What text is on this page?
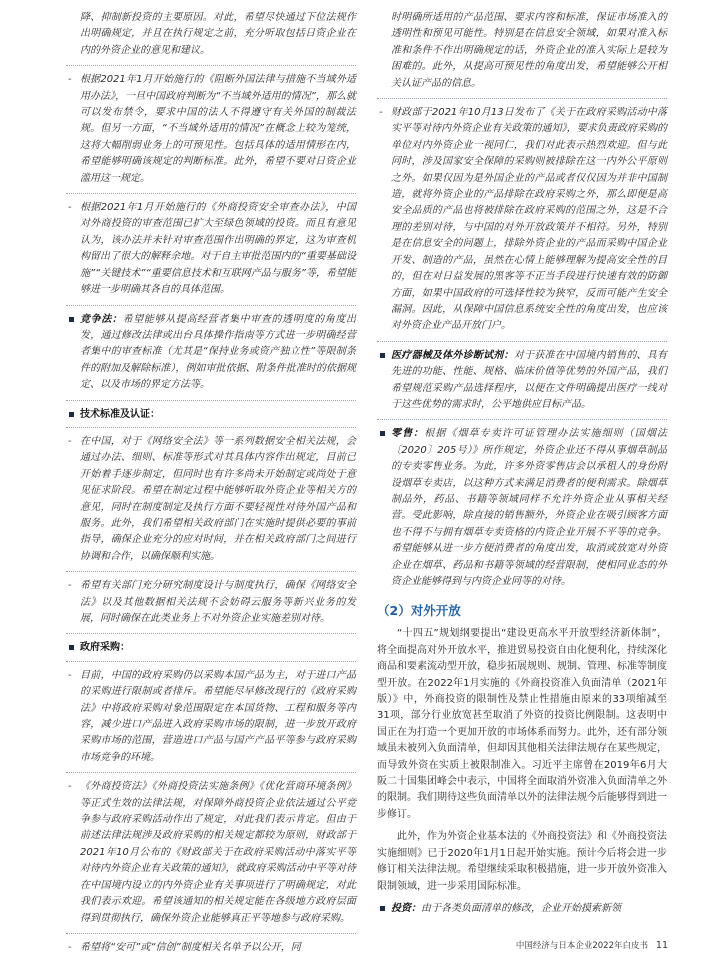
降、抑制新投资的主要原因。对此，希望尽快通过下位法规作出明确规定，并且在执行规定之前，充分听取包括日资企业在内的外资企业的意见和建议。
- 根据2021年1月开始施行的《阻断外国法律与措施不当域外适用办法》，一旦中国政府判断为“不当域外适用的情况”，那么就可以发布禁令，要求中国的法人不得遵守有关外国的制裁法规。但另一方面，“不当域外适用的情况”在概念上较为笼统，这将大幅削弱业务上的可预见性。包括具体的适用情形在内，希望能够明确该规定的判断标准。此外，希望不要对日资企业滥用这一规定。
- 根据2021年1月开始施行的《外商投资安全审查办法》，中国对外商投资的审查范围已扩大至绿色领域的投资。而且有意见认为，该办法并未针对审查范围作出明确的界定，这为审查机构留出了很大的解释余地。对于自主审批范围内的“重要基础设施”“关键技术”“重要信息技术和互联网产品与服务”等，希望能够进一步明确其各自的具体范围。
竞争法：希望能够从提高经营者集中审查的透明度的角度出发，通过修改法律或出台具体操作指南等方式进一步明确经营者集中的审查标准（尤其是“保持业务或资产独立性”等限制条件的附加及解除标准），例如审批依据、附条件批准时的依据规定、以及市场的界定方法等。
技术标准及认证：
- 在中国，对于《网络安全法》等一系列数据安全相关法规，会通过办法、细则、标准等形式对其具体内容作出规定，目前已开始着手逐步制定，但同时也有许多尚未开始制定或尚处于意见征求阶段。希望在制定过程中能够听取外资企业等相关方的意见，同时在制度制定及执行方面不要轻视性对待外国产品和服务。此外，我们希望相关政府部门在实施时提供必要的事前指导，确保企业充分的应对时间，并在相关政府部门之间进行协调和合作，以确保顺利实施。
- 希望有关部门充分研究制度设计与制度执行，确保《网络安全法》以及其他数据相关法规不会妨碍云服务等新兴业务的发展，同时确保在此类业务上不对外资企业实施差别对待。
政府采购：
- 目前，中国的政府采购仍以采购本国产品为主，对于进口产品的采购进行限制或者排斥。希望能尽早修改现行的《政府采购法》中将政府采购对象范围限定在本国货物、工程和服务等内容，减少进口产品进入政府采购市场的限制，进一步放开政府采购市场的范围，营造进口产品与国产产品平等参与政府采购市场竞争的环境。
- 《外商投资法》《外商投资法实施条例》《优化营商环境条例》等正式生效的法律法规，对保障外商投资企业依法通过公平竞争参与政府采购活动作出了规定，对此我们表示肯定。但由于前述法律法规涉及政府采购的相关规定都较为原则，财政部于2021年10月公布的《财政部关于在政府采购活动中落实平等对待内外资企业有关政策的通知》，就政府采购活动中平等对待在中国境内设立的内外资企业有关事项进行了明确规定，对此我们表示欢迎。希望该通知的相关规定能在各级地方政府层面得到贯彻执行，确保外资企业能够真正平等地参与政府采购。
- 希望将“安可”或“信创”制度相关名单予以公开，同
时明确所适用的产品范围、要求内容和标准，保证市场准入的透明性和预见可能性。特别是在信息安全领域，如果对准入标准和条件不作出明确规定的话，外资企业的准入实际上是较为困难的。此外，从提高可预见性的角度出发，希望能够公开相关认证产品的信息。
- 财政部于2021年10月13日发布了《关于在政府采购活动中落实平等对待内外资企业有关政策的通知》，要求负责政府采购的单位对内外资企业一视同仁，我们对此表示热烈欢迎。但与此同时，涉及国家安全保障的采购则被排除在这一内外公平原则之外。如果仅因为是外国企业的产品或者仅仅因为并非中国制造，就将外资企业的产品排除在政府采购之外，那么即便是高安全品质的产品也将被排除在政府采购的范围之外，这是不合理的差别对待，与中国的对外开放政策并不相符。另外，特别是在信息安全的问题上，排除外资企业的产品而采购中国企业开发、制造的产品，虽然在心情上能够理解为提高安全性的目的，但在对日益发展的黑客等不正当手段进行快速有效的防御方面，如果中国政府的可选择性较为狭窄，反而可能产生安全漏洞。因此，从保障中国信息系统安全性的角度出发，也应该对外资企业产品开放门户。
医疗器械及体外诊断试剂：对于获准在中国境内销售的、具有先进的功能、性能、规格、临床价值等优势的外国产品，我们希望规范采购产品选择程序，以便在文件明确提出医疗一线对于这些优势的需求时，公平地供应目标产品。
零售：根据《烟草专卖许可证管理办法实施细则（国烟法〔2020〕205号）》所作规定，外资企业还不得从事烟草制品的专卖零售业务。为此，许多外资零售店会以承租人的身份附设烟草专卖店，以这种方式来满足消费者的便利需求。除烟草制品外，药品、书籍等领域同样不允许外资企业从事相关经营。受此影响，除直接的销售额外，外资企业在吸引顾客方面也不得不与拥有烟草专卖资格的内资企业开展不平等的竞争。希望能够从进一步方便消费者的角度出发，取消或放宽对外资企业在烟草、药品和书籍等领域的经营限制，使相同业态的外资企业能够得到与内资企业同等的对待。
（2）对外开放
“十四五”规划纲要提出“建设更高水平开放型经济新体制”，将全面提高对外开放水平，推进贸易投资自由化便利化，持续深化商品和要素流动型开放，稳步拓展规则、规制、管理、标准等制度型开放。在2022年1月实施的《外商投资准入负面清单（2021年版）》中，外商投资的限制性及禁止性措施由原来的33项缩减至31项，部分行业放宽甚至取消了外资的投资比例限制。这表明中国正在为打造一个更加开放的市场体系而努力。此外，还有部分领域虽未被列入负面清单，但却因其他相关法律法规存在某些规定，而导致外资在实质上被限制准入。习近平主席曾在2019年6月大阪二十国集团峰会中表示，中国将全面取消外资准入负面清单之外的限制。我们期待这些负面清单以外的法律法规今后能够得到进一步修订。
此外，作为外资企业基本法的《外商投资法》和《外商投资法实施细则》已于2020年1月1日起开始实施。预计今后将会进一步修订相关法律法规。希望继续采取积极措施，进一步开放外资准入限制领域，进一步采用国际标准。
投资：由于各类负面清单的修改，企业开始摸索新领
中国经济与日本企业2022年白皮书 11
